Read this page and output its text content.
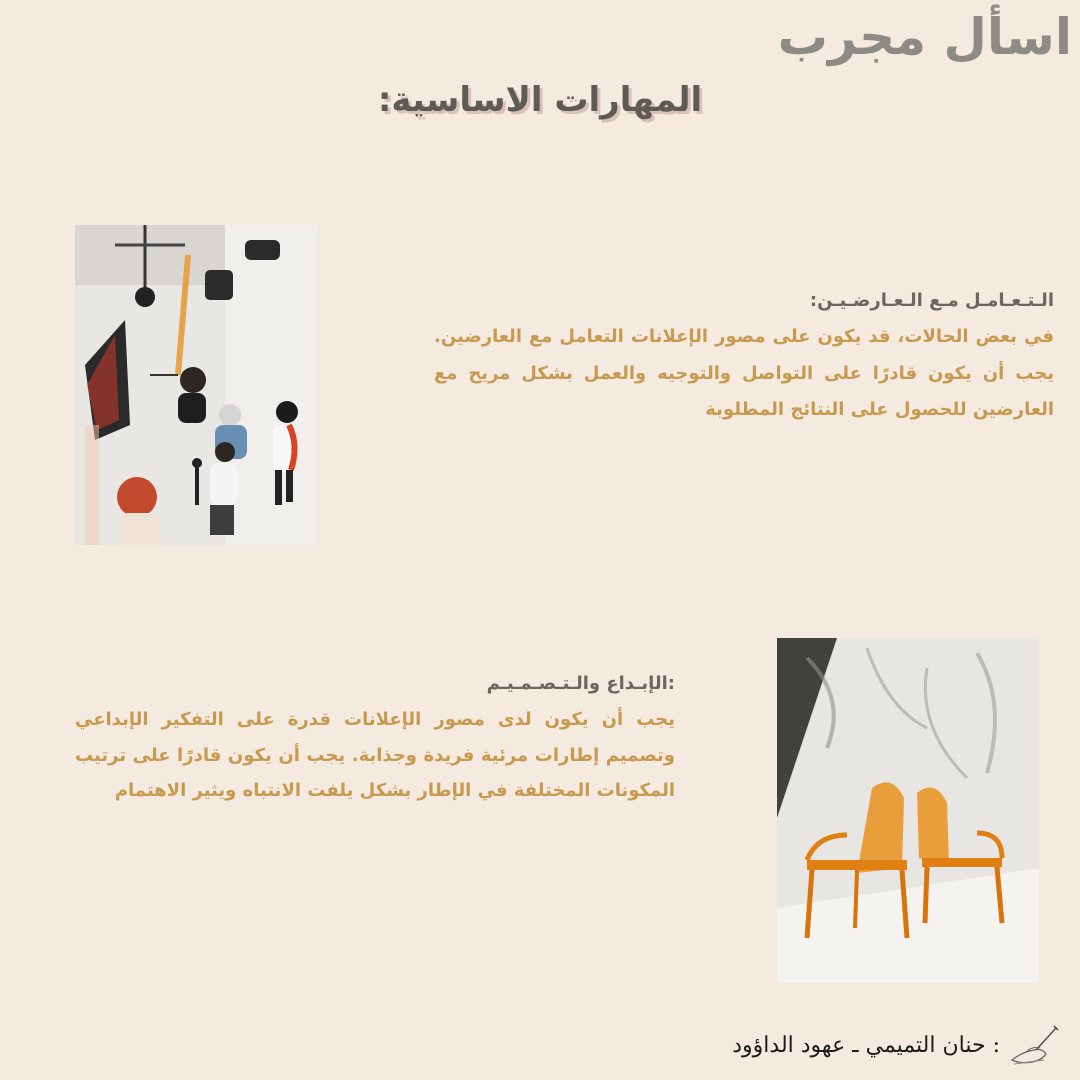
اسأل مجرب
المهارات الاساسية:
الـتـعـامـل مـع الـعـارضـيـن:

في بعض الحالات، قد يكون على مصور الإعلانات التعامل مع العارضين. يجب أن يكون قادرًا على التواصل والتوجيه والعمل بشكل مريح مع العارضين للحصول على النتائج المطلوبة

:الإبـداع والـتـصـمـيـم

يجب أن يكون لدى مصور الإعلانات قدرة على التفكير الإبداعي وتصميم إطارات مرئية فريدة وجذابة. يجب أن يكون قادرًا على ترتيب المكونات المختلفة في الإطار بشكل يلفت الانتباه ويثير الاهتمام

: حنان التميمي ـ عهود الداؤود
